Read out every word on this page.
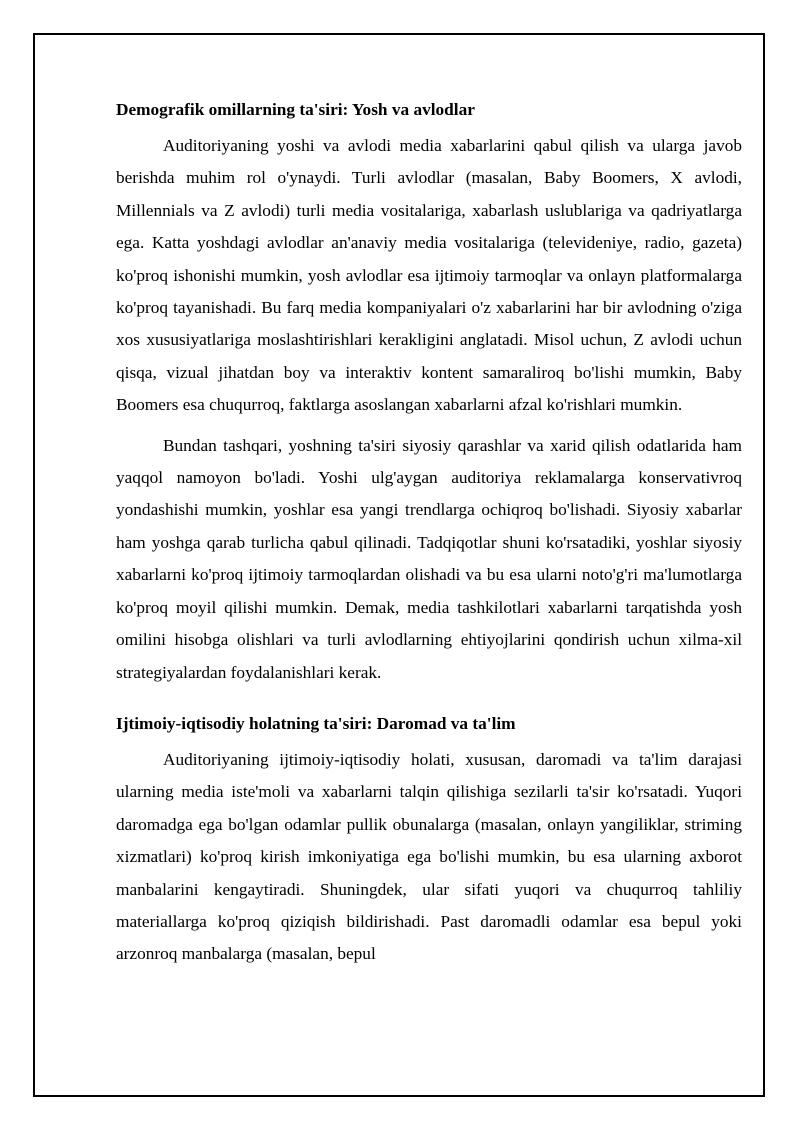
Demografik omillarning ta'siri: Yosh va avlodlar

Auditoriyaning yoshi va avlodi media xabarlarini qabul qilish va ularga javob berishda muhim rol o'ynaydi. Turli avlodlar (masalan, Baby Boomers, X avlodi, Millennials va Z avlodi) turli media vositalariga, xabarlash uslublariga va qadriyatlarga ega. Katta yoshdagi avlodlar an'anaviy media vositalariga (televideniye, radio, gazeta) ko'proq ishonishi mumkin, yosh avlodlar esa ijtimoiy tarmoqlar va onlayn platformalarga ko'proq tayanishadi. Bu farq media kompaniyalari o'z xabarlarini har bir avlodning o'ziga xos xususiyatlariga moslashtirishlari kerakligini anglatadi. Misol uchun, Z avlodi uchun qisqa, vizual jihatdan boy va interaktiv kontent samaraliroq bo'lishi mumkin, Baby Boomers esa chuqurroq, faktlarga asoslangan xabarlarni afzal ko'rishlari mumkin.

Bundan tashqari, yoshning ta'siri siyosiy qarashlar va xarid qilish odatlarida ham yaqqol namoyon bo'ladi. Yoshi ulg'aygan auditoriya reklamalarga konservativroq yondashishi mumkin, yoshlar esa yangi trendlarga ochiqroq bo'lishadi. Siyosiy xabarlar ham yoshga qarab turlicha qabul qilinadi. Tadqiqotlar shuni ko'rsatadiki, yoshlar siyosiy xabarlarni ko'proq ijtimoiy tarmoqlardan olishadi va bu esa ularni noto'g'ri ma'lumotlarga ko'proq moyil qilishi mumkin. Demak, media tashkilotlari xabarlarni tarqatishda yosh omilini hisobga olishlari va turli avlodlarning ehtiyojlarini qondirish uchun xilma-xil strategiyalardan foydalanishlari kerak.

Ijtimoiy-iqtisodiy holatning ta'siri: Daromad va ta'lim

Auditoriyaning ijtimoiy-iqtisodiy holati, xususan, daromadi va ta'lim darajasi ularning media iste'moli va xabarlarni talqin qilishiga sezilarli ta'sir ko'rsatadi. Yuqori daromadga ega bo'lgan odamlar pullik obunalarga (masalan, onlayn yangiliklar, striming xizmatlari) ko'proq kirish imkoniyatiga ega bo'lishi mumkin, bu esa ularning axborot manbalarini kengaytiradi. Shuningdek, ular sifati yuqori va chuqurroq tahliliy materiallarga ko'proq qiziqish bildirishadi. Past daromadli odamlar esa bepul yoki arzonroq manbalarga (masalan, bepul
